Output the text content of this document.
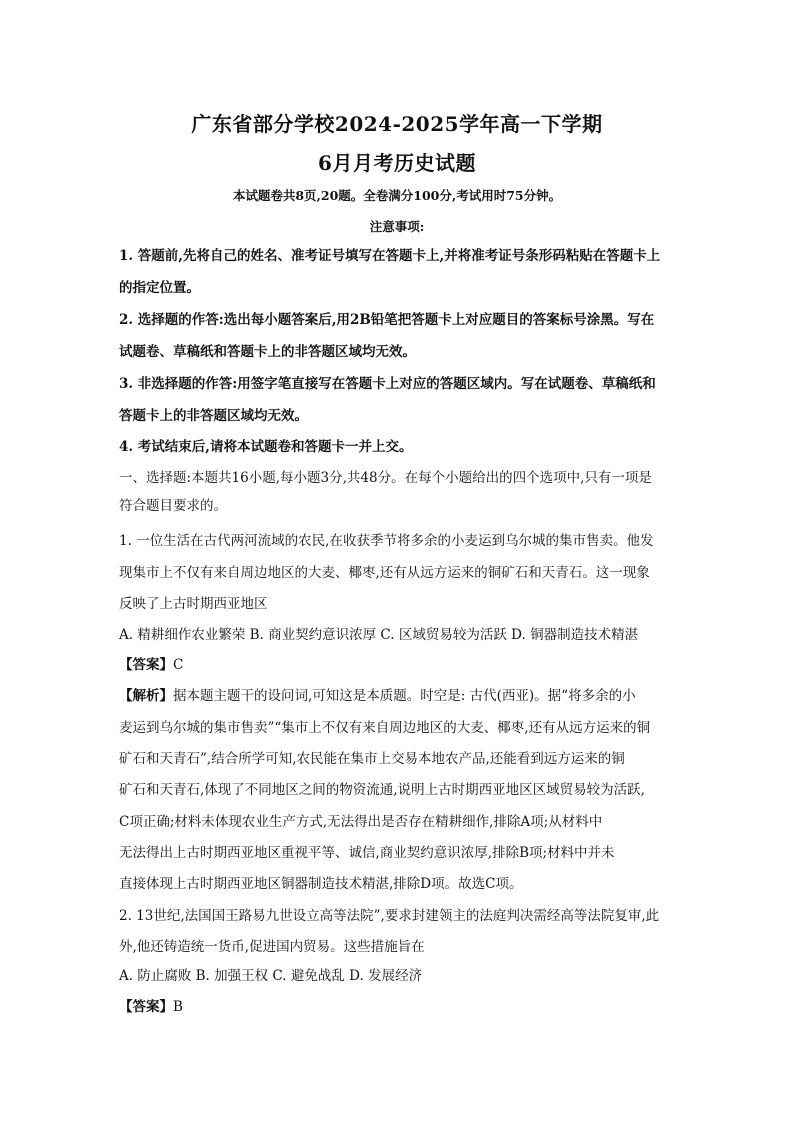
广东省部分学校2024-2025学年高一下学期
6月月考历史试题
本试题卷共8页,20题。全卷满分100分,考试用时75分钟。
注意事项:
1. 答题前,先将自己的姓名、准考证号填写在答题卡上,并将准考证号条形码粘贴在答题卡上
的指定位置。
2. 选择题的作答:选出每小题答案后,用2B铅笔把答题卡上对应题目的答案标号涂黑。写在
试题卷、草稿纸和答题卡上的非答题区域均无效。
3. 非选择题的作答:用签字笔直接写在答题卡上对应的答题区域内。写在试题卷、草稿纸和
答题卡上的非答题区域均无效。
4. 考试结束后,请将本试题卷和答题卡一并上交。
一、选择题:本题共16小题,每小题3分,共48分。在每个小题给出的四个选项中,只有一项是
符合题目要求的。
1. 一位生活在古代两河流域的农民,在收获季节将多余的小麦运到乌尔城的集市售卖。他发
现集市上不仅有来自周边地区的大麦、椰枣,还有从远方运来的铜矿石和天青石。这一现象
反映了上古时期西亚地区
A. 精耕细作农业繁荣 B. 商业契约意识浓厚 C. 区域贸易较为活跃 D. 铜器制造技术精湛
【答案】C
【解析】据本题主题干的设问词,可知这是本质题。时空是: 古代(西亚)。据“将多余的小
麦运到乌尔城的集市售卖”“集市上不仅有来自周边地区的大麦、椰枣,还有从远方运来的铜
矿石和天青石”,结合所学可知,农民能在集市上交易本地农产品,还能看到远方运来的铜
矿石和天青石,体现了不同地区之间的物资流通,说明上古时期西亚地区区域贸易较为活跃,
C项正确;材料未体现农业生产方式,无法得出是否存在精耕细作,排除A项;从材料中
无法得出上古时期西亚地区重视平等、诚信,商业契约意识浓厚,排除B项;材料中并未
直接体现上古时期西亚地区铜器制造技术精湛,排除D项。故选C项。
2. 13世纪,法国国王路易九世设立高等法院”,要求封建领主的法庭判决需经高等法院复审,此
外,他还铸造统一货币,促进国内贸易。这些措施旨在
A. 防止腐败 B. 加强王权 C. 避免战乱 D. 发展经济
【答案】B
